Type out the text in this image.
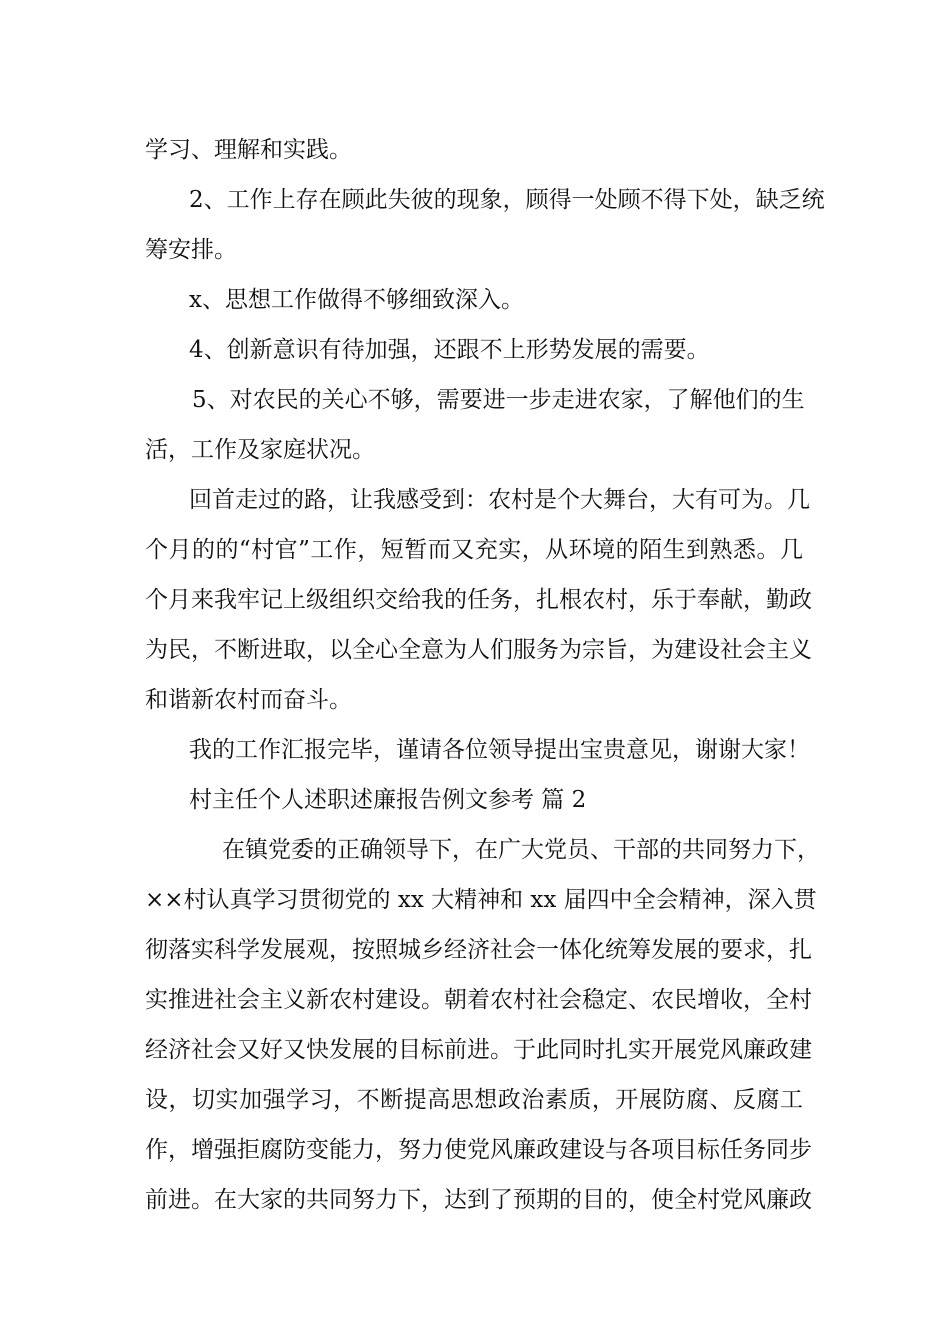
学习、理解和实践。
2、工作上存在顾此失彼的现象，顾得一处顾不得下处，缺乏统
筹安排。
x、思想工作做得不够细致深入。
4、创新意识有待加强，还跟不上形势发展的需要。
5、对农民的关心不够，需要进一步走进农家，了解他们的生
活，工作及家庭状况。
回首走过的路，让我感受到：农村是个大舞台，大有可为。几
个月的的“村官”工作，短暂而又充实，从环境的陌生到熟悉。几
个月来我牢记上级组织交给我的任务，扎根农村，乐于奉献，勤政
为民，不断进取，以全心全意为人们服务为宗旨，为建设社会主义
和谐新农村而奋斗。
我的工作汇报完毕，谨请各位领导提出宝贵意见，谢谢大家！
村主任个人述职述廉报告例文参考 篇 2
在镇党委的正确领导下，在广大党员、干部的共同努力下，
××村认真学习贯彻党的 xx 大精神和 xx 届四中全会精神，深入贯
彻落实科学发展观，按照城乡经济社会一体化统筹发展的要求，扎
实推进社会主义新农村建设。朝着农村社会稳定、农民增收，全村
经济社会又好又快发展的目标前进。于此同时扎实开展党风廉政建
设，切实加强学习，不断提高思想政治素质，开展防腐、反腐工
作，增强拒腐防变能力，努力使党风廉政建设与各项目标任务同步
前进。在大家的共同努力下，达到了预期的目的，使全村党风廉政
